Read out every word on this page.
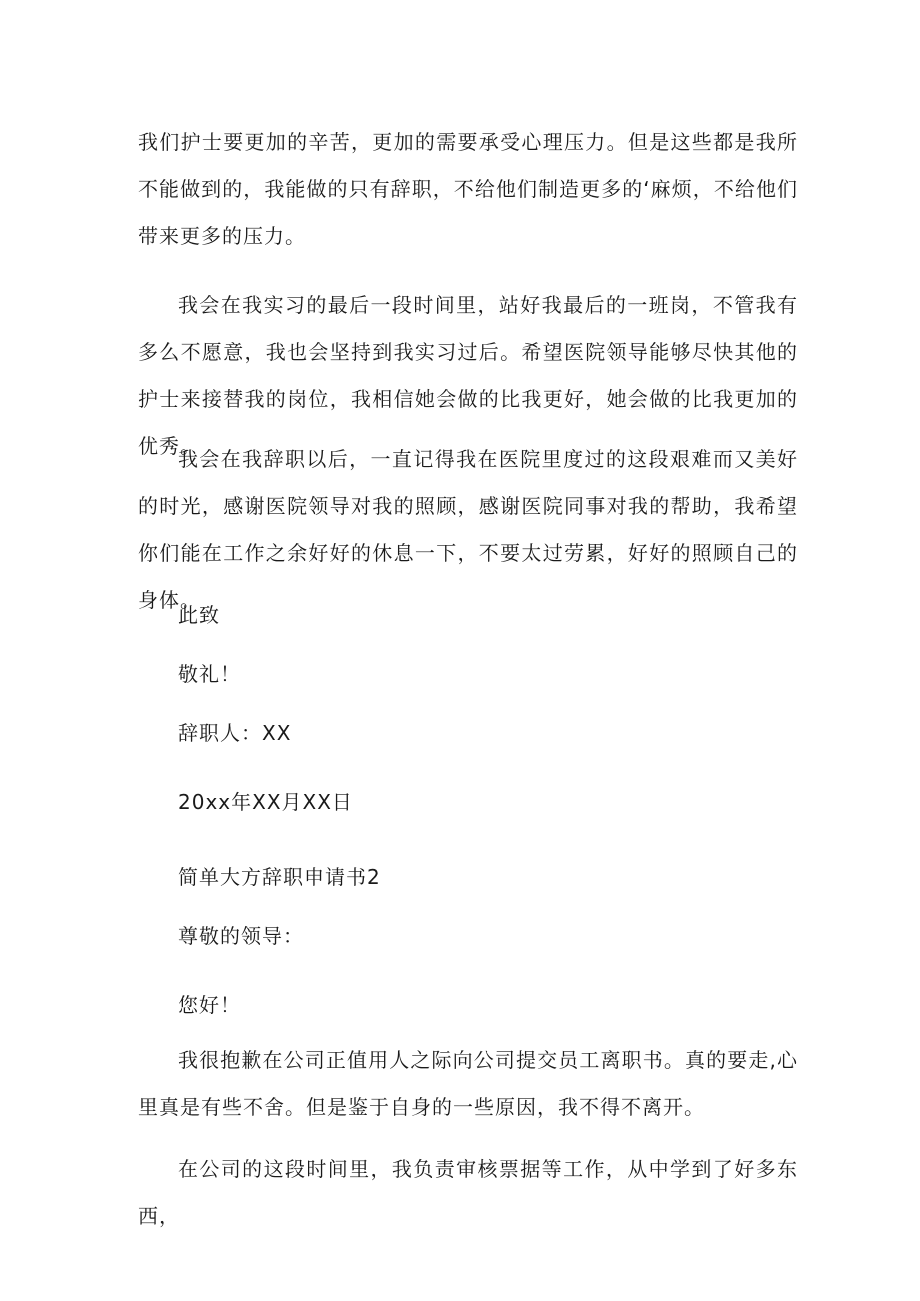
我们护士要更加的辛苦，更加的需要承受心理压力。但是这些都是我所不能做到的，我能做的只有辞职，不给他们制造更多的‘麻烦，不给他们带来更多的压力。

我会在我实习的最后一段时间里，站好我最后的一班岗，不管我有多么不愿意，我也会坚持到我实习过后。希望医院领导能够尽快其他的护士来接替我的岗位，我相信她会做的比我更好，她会做的比我更加的优秀。

我会在我辞职以后，一直记得我在医院里度过的这段艰难而又美好的时光，感谢医院领导对我的照顾，感谢医院同事对我的帮助，我希望你们能在工作之余好好的休息一下，不要太过劳累，好好的照顾自己的身体。

此致

敬礼！

辞职人：XX

20xx年XX月XX日

简单大方辞职申请书2

尊敬的领导：

您好！

我很抱歉在公司正值用人之际向公司提交员工离职书。真的要走,心里真是有些不舍。但是鉴于自身的一些原因，我不得不离开。

在公司的这段时间里，我负责审核票据等工作，从中学到了好多东西，
